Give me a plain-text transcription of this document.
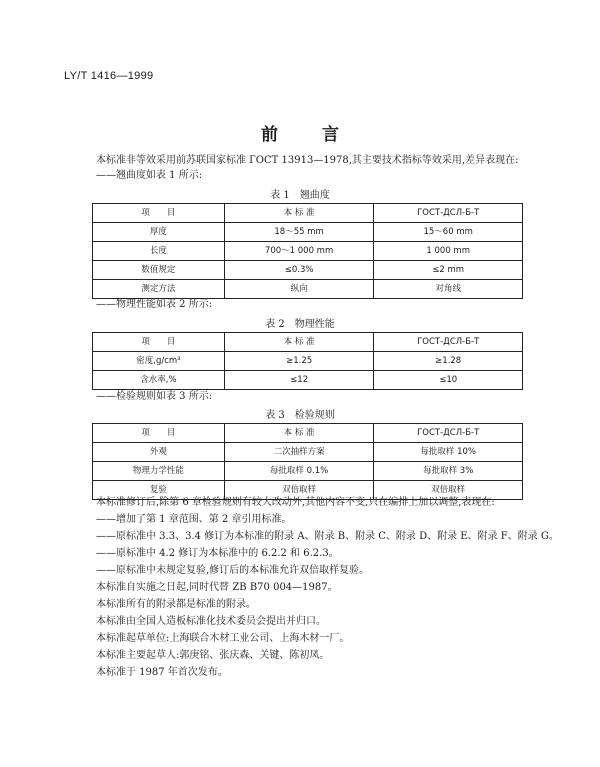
LY/T 1416—1999
前言
本标准非等效采用前苏联国家标准 ГОСТ 13913—1978,其主要技术指标等效采用,差异表现在:
——翘曲度如表 1 所示:
表 1　翘曲度
项　　目	本 标 准	ГОСТ-ДСЛ-Б-Т
厚度	18～55 mm	15～60 mm
长度	700～1 000 mm	1 000 mm
数值规定	≤0.3%	≤2 mm
测定方法	纵向	对角线
——物理性能如表 2 所示:
表 2　物理性能
项　　目	本 标 准	ГОСТ-ДСЛ-Б-Т
密度,g/cm³	≥1.25	≥1.28
含水率,%	≤12	≤10
——检验规则如表 3 所示:
表 3　检验规则
项　　目	本 标 准	ГОСТ-ДСЛ-Б-Т
外观	二次抽样方案	每批取样 10%
物理力学性能	每批取样 0.1%	每批取样 3%
复验	双倍取样	双倍取样
本标准修订后,除第 6 章检验规则有较大改动外,其他内容不变,只在编排上加以调整,表现在:
——增加了第 1 章范围、第 2 章引用标准。
——原标准中 3.3、3.4 修订为本标准的附录 A、附录 B、附录 C、附录 D、附录 E、附录 F、附录 G。
——原标准中 4.2 修订为本标准中的 6.2.2 和 6.2.3。
——原标准中未规定复验,修订后的本标准允许双倍取样复验。
本标准自实施之日起,同时代替 ZB B70 004—1987。
本标准所有的附录都是标准的附录。
本标准由全国人造板标准化技术委员会提出并归口。
本标准起草单位:上海联合木材工业公司、上海木材一厂。
本标准主要起草人:郭庚铭、张庆森、关键、陈初凤。
本标准于 1987 年首次发布。
